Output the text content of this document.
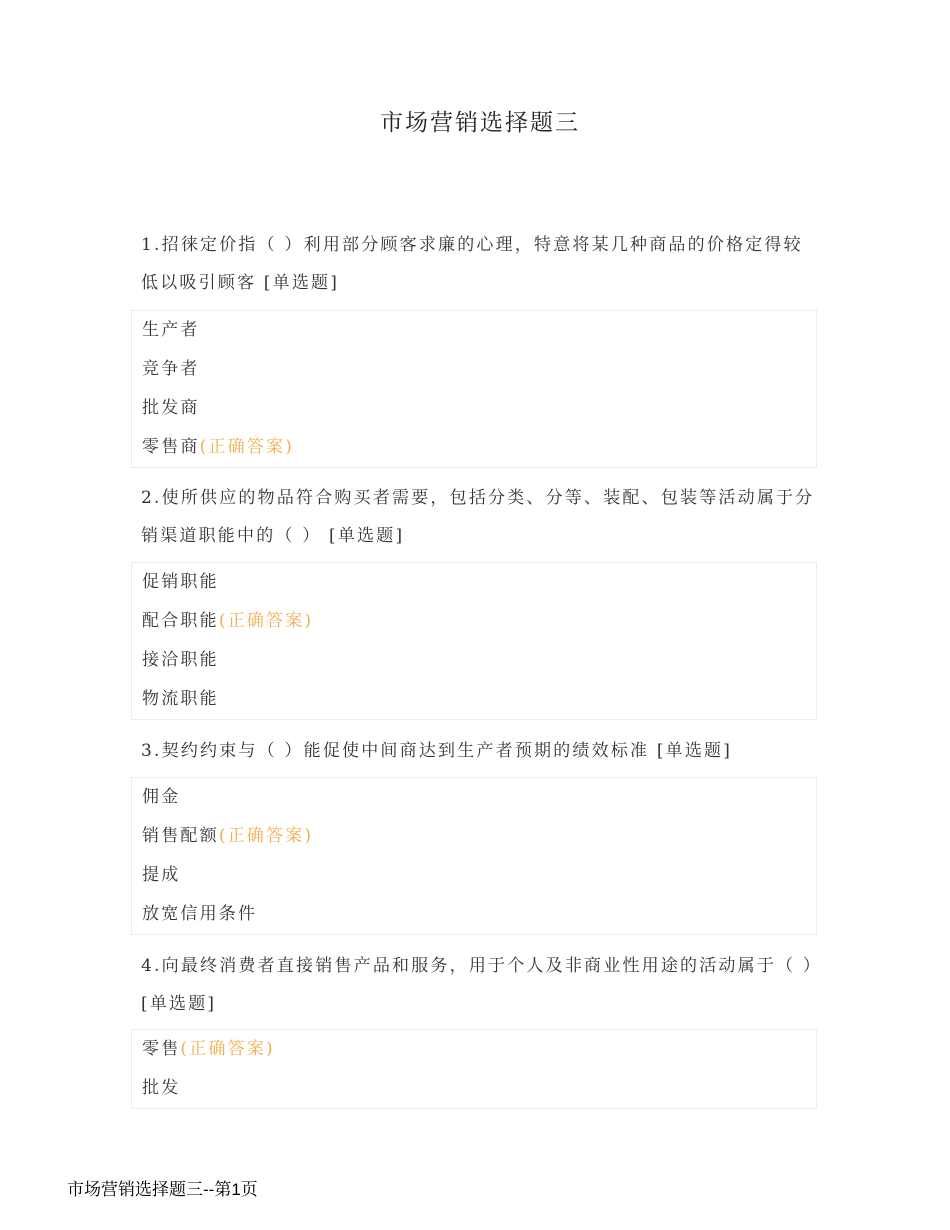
市场营销选择题三
1.招徕定价指（ ）利用部分顾客求廉的心理，特意将某几种商品的价格定得较低以吸引顾客 [单选题]
生产者
竞争者
批发商
零售商(正确答案)
2.使所供应的物品符合购买者需要，包括分类、分等、装配、包装等活动属于分销渠道职能中的（ ） [单选题]
促销职能
配合职能(正确答案)
接洽职能
物流职能
3.契约约束与（ ）能促使中间商达到生产者预期的绩效标准 [单选题]
佣金
销售配额(正确答案)
提成
放宽信用条件
4.向最终消费者直接销售产品和服务，用于个人及非商业性用途的活动属于（ ）[单选题]
零售(正确答案)
批发
市场营销选择题三--第1页
